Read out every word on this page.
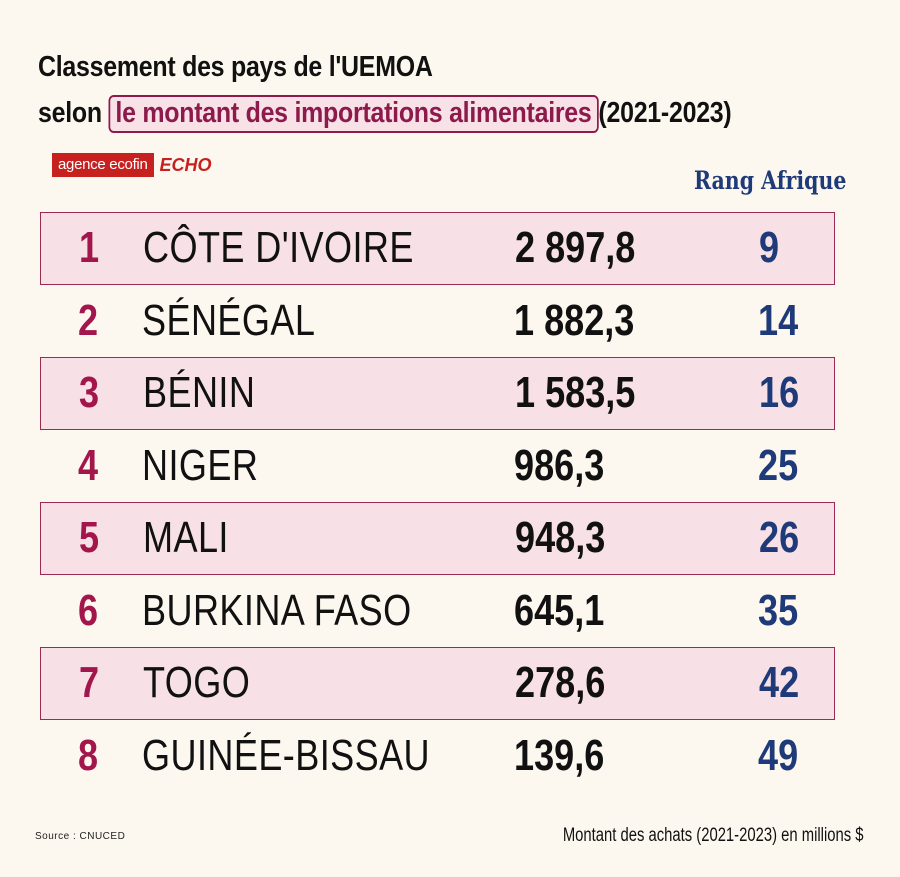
Classement des pays de l'UEMOA
selon le montant des importations alimentaires (2021-2023)
agence ecofin ECHO
Rang Afrique
1 CÔTE D'IVOIRE 2 897,8	9
2 SÉNÉGAL	1 882,3	14
3 BÉNIN	1 583,5	16
4 NIGER	986,3	25
5 MALI	948,3	26
6 BURKINA FASO 645,1	35
7 TOGO	278,6	42
8 GUINÉE-BISSAU 139,6	49
Source : CNUCED	Montant des achats (2021-2023) en millions $
